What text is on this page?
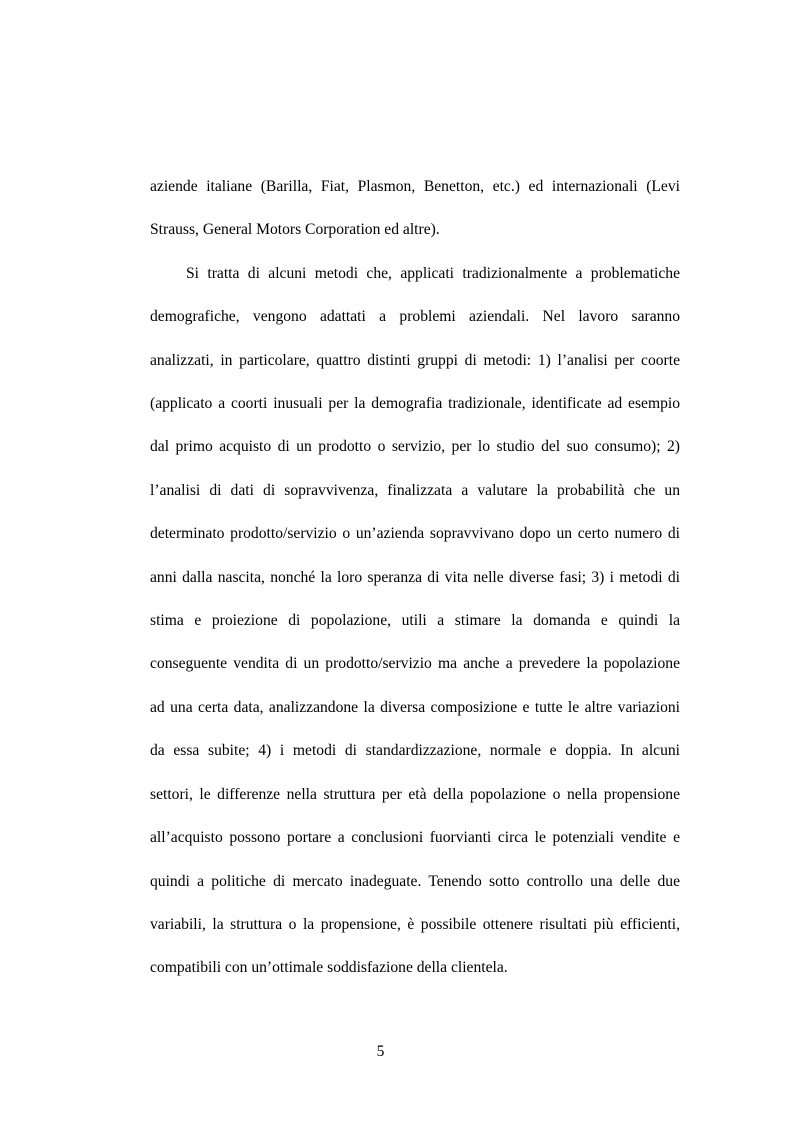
aziende italiane (Barilla, Fiat, Plasmon, Benetton, etc.) ed internazionali (Levi
Strauss, General Motors Corporation ed altre).

Si tratta di alcuni metodi che, applicati tradizionalmente a problematiche
demografiche, vengono adattati a problemi aziendali. Nel lavoro saranno
analizzati, in particolare, quattro distinti gruppi di metodi: 1) l’analisi per coorte
(applicato a coorti inusuali per la demografia tradizionale, identificate ad esempio
dal primo acquisto di un prodotto o servizio, per lo studio del suo consumo); 2)
l’analisi di dati di sopravvivenza, finalizzata a valutare la probabilità che un
determinato prodotto/servizio o un’azienda sopravvivano dopo un certo numero di
anni dalla nascita, nonché la loro speranza di vita nelle diverse fasi; 3) i metodi di
stima e proiezione di popolazione, utili a stimare la domanda e quindi la
conseguente vendita di un prodotto/servizio ma anche a prevedere la popolazione
ad una certa data, analizzandone la diversa composizione e tutte le altre variazioni
da essa subite; 4) i metodi di standardizzazione, normale e doppia. In alcuni
settori, le differenze nella struttura per età della popolazione o nella propensione
all’acquisto possono portare a conclusioni fuorvianti circa le potenziali vendite e
quindi a politiche di mercato inadeguate. Tenendo sotto controllo una delle due
variabili, la struttura o la propensione, è possibile ottenere risultati più efficienti,
compatibili con un’ottimale soddisfazione della clientela.

5
